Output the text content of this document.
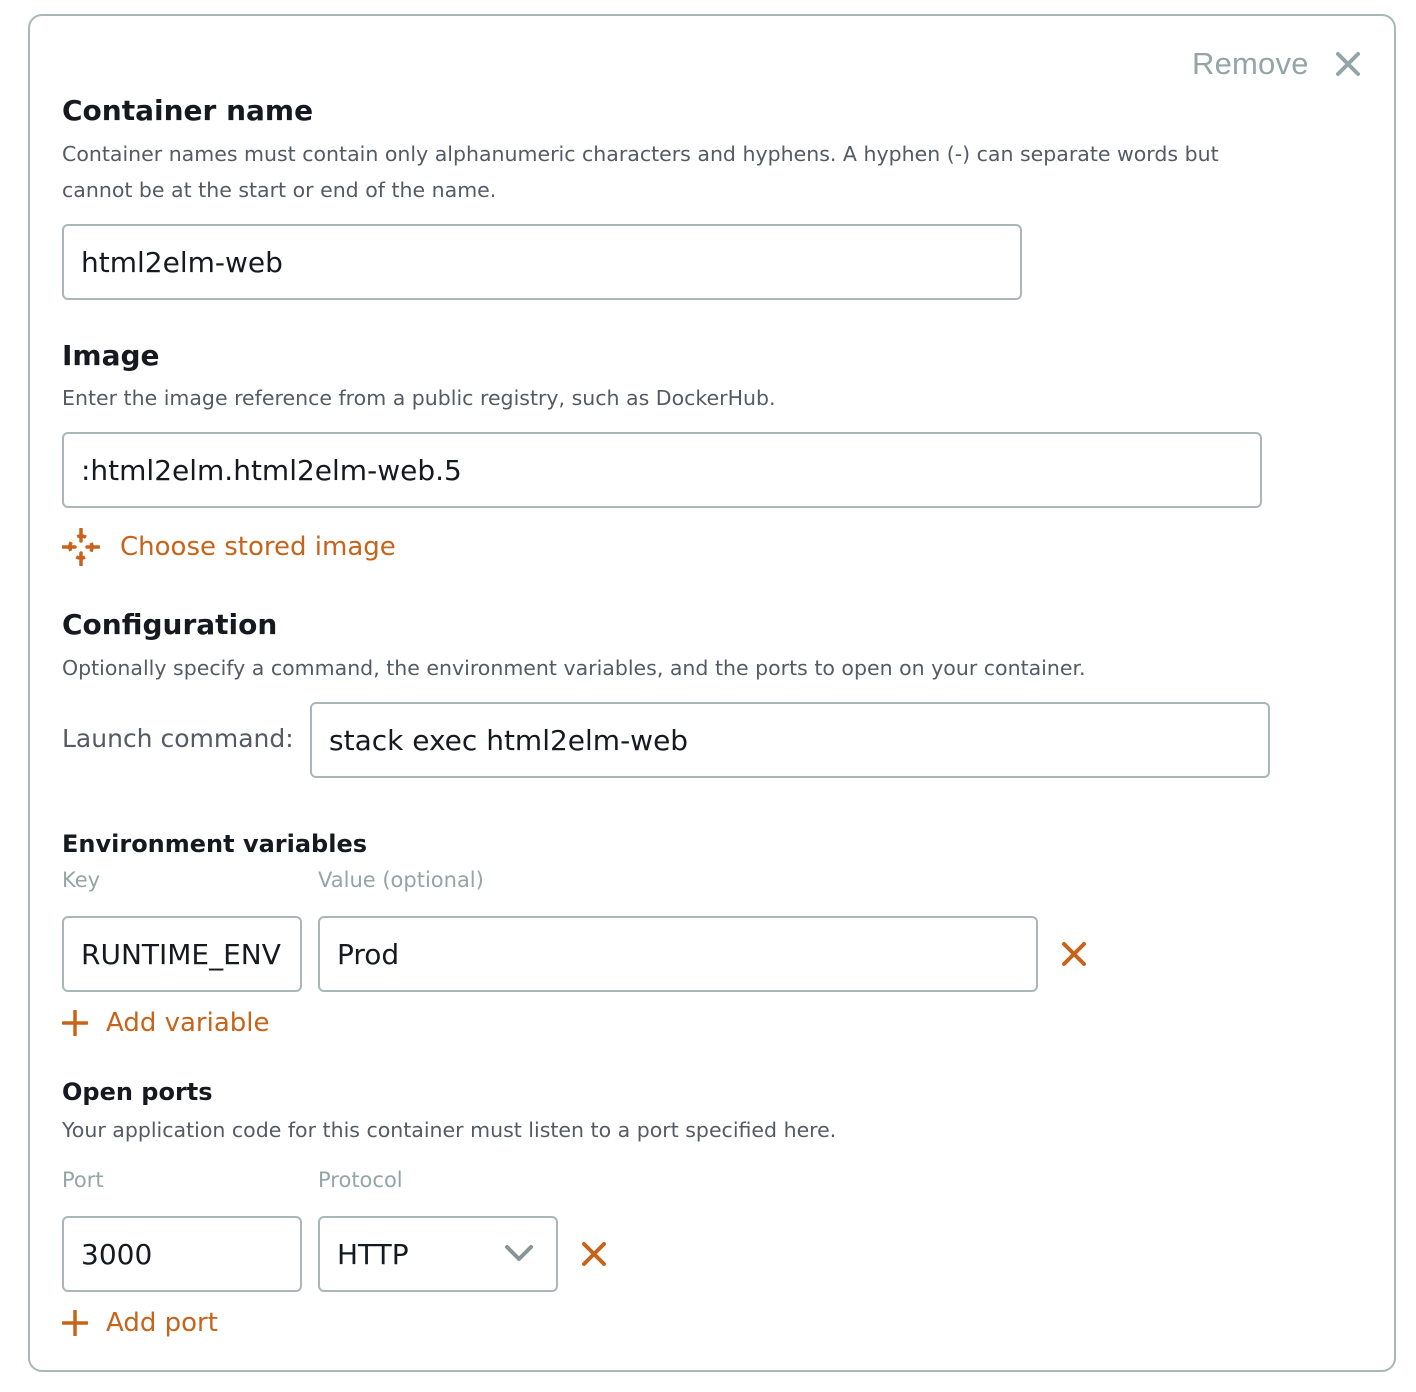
Remove
Container name
Container names must contain only alphanumeric characters and hyphens. A hyphen (-) can separate words but cannot be at the start or end of the name.
html2elm-web
Image
Enter the image reference from a public registry, such as DockerHub.
:html2elm.html2elm-web.5
Choose stored image
Configuration
Optionally specify a command, the environment variables, and the ports to open on your container.
Launch command: stack exec html2elm-web
Environment variables
Key	Value (optional)
RUNTIME_ENV Prod
Add variable
Open ports
Your application code for this container must listen to a port specified here.
Port	Protocol
3000	HTTP
Add port
